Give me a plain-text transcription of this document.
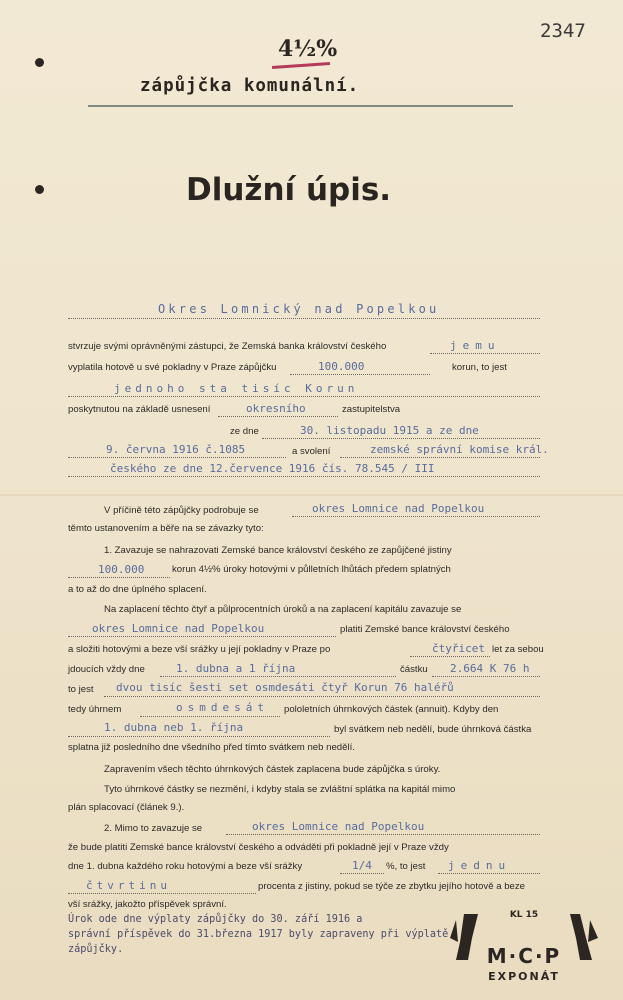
2347
4½%
zápůjčka komunální.
Dlužní úpis.
Okres Lomnický nad Popelkou
stvrzuje svými oprávněnými zástupci, že Zemská banka království českého	jemu
vyplatila hotově u své pokladny v Praze zápůjčku	100.000	korun, to jest
jednoho sta tisíc Korun
poskytnutou na základě usnesení	okresního	zastupitelstva
ze dne	30. listopadu 1915 a ze dne
9. června 1916 č.1085	a svolení	zemské správní komise král.
českého ze dne 12.července 1916 čís. 78.545 / III
V příčině této zápůjčky podrobuje se	okres Lomnice nad Popelkou
těmto ustanovením a běře na se závazky tyto:
1. Zavazuje se nahrazovati Zemské bance království českého ze zapůjčené jistiny
100.000	korun 4½% úroky hotovými v půlletních lhůtách předem splatných
a to až do dne úplného splacení.
Na zaplacení těchto čtyř a půlprocentních úroků a na zaplacení kapitálu zavazuje se
okres Lomnice nad Popelkou	platiti Zemské bance království českého
a složiti hotovými a beze vší srážky u její pokladny v Praze po	čtyřicet let za sebou
jdoucích vždy dne	1. dubna a 1 října	částku 2.664 K 76 h
to jest dvou tisíc šesti set osmdesáti čtyř Korun 76 haléřů
tedy úhrnem	osmdesát pololetních úhrnkových částek (annuit). Kdyby den
1. dubna neb 1. října	byl svátkem neb nedělí, bude úhrnková částka
splatna již posledního dne všedního před tímto svátkem neb nedělí.
Zapravením všech těchto úhrnkových částek zaplacena bude zápůjčka s úroky.
Tyto úhrnkové částky se nezmění, i kdyby stala se zvláštní splátka na kapitál mimo
plán splacovací (článek 9.).
2. Mimo to zavazuje se	okres Lomnice nad Popelkou
že bude platiti Zemské bance království českého a odváděti při pokladně její v Praze vždy
dne 1. dubna každého roku hotovými a beze vší srážky	1/4 %, to jest jednu
čtvrtinu	procenta z jistiny, pokud se týče ze zbytku jejího hotově a beze
vší srážky, jakožto příspěvek správní.
Úrok ode dne výplaty zápůjčky do 30. září 1916 a
správní příspěvek do 31.března 1917 byly zapraveny při výplatě
zápůjčky.
KL 15
M·C·P
EXPONÁT
